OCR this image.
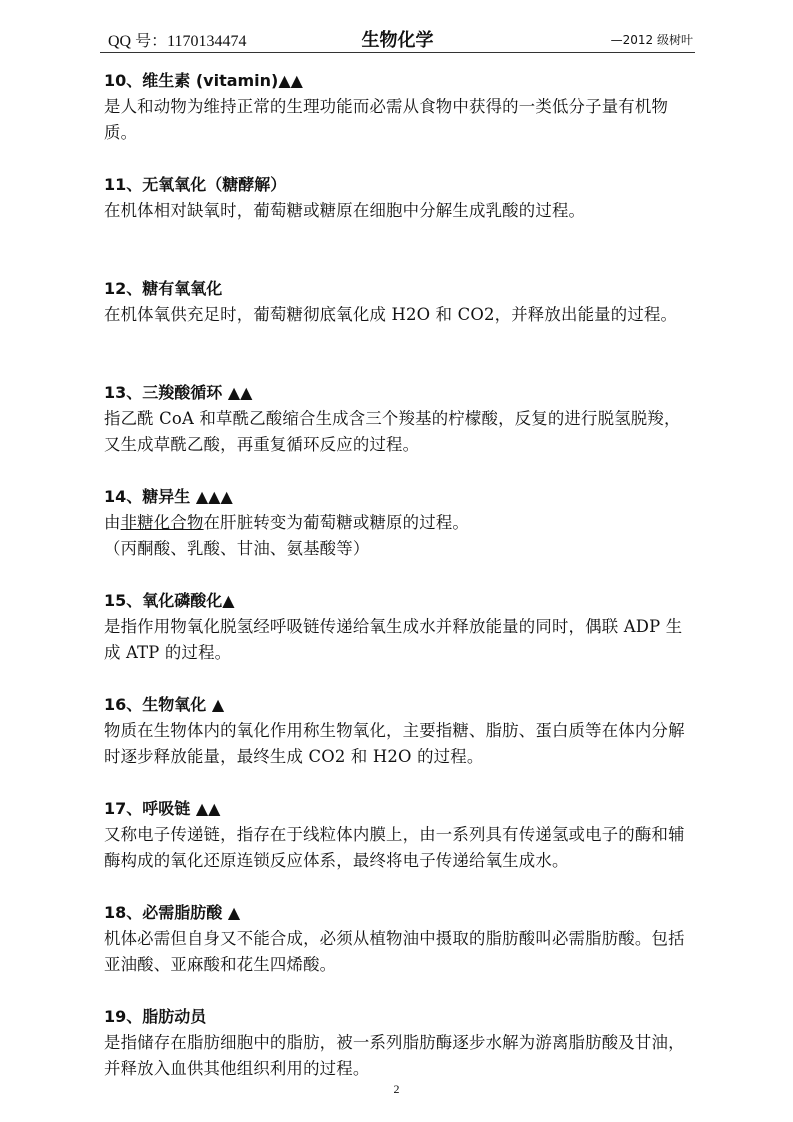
QQ 号：1170134474	生物化学	—2012 级树叶
10、维生素 (vitamin)▲▲

是人和动物为维持正常的生理功能而必需从食物中获得的一类低分子量有机物质。

11、无氧氧化（糖酵解）

在机体相对缺氧时，葡萄糖或糖原在细胞中分解生成乳酸的过程。

12、糖有氧氧化

在机体氧供充足时，葡萄糖彻底氧化成 H2O 和 CO2，并释放出能量的过程。

13、三羧酸循环 ▲▲

指乙酰 CoA 和草酰乙酸缩合生成含三个羧基的柠檬酸，反复的进行脱氢脱羧，又生成草酰乙酸，再重复循环反应的过程。

14、糖异生 ▲▲▲

由非糖化合物在肝脏转变为葡萄糖或糖原的过程。

（丙酮酸、乳酸、甘油、氨基酸等）

15、氧化磷酸化▲

是指作用物氧化脱氢经呼吸链传递给氧生成水并释放能量的同时，偶联 ADP 生成 ATP 的过程。

16、生物氧化 ▲

物质在生物体内的氧化作用称生物氧化，主要指糖、脂肪、蛋白质等在体内分解时逐步释放能量，最终生成 CO2 和 H2O 的过程。

17、呼吸链 ▲▲

又称电子传递链，指存在于线粒体内膜上，由一系列具有传递氢或电子的酶和辅酶构成的氧化还原连锁反应体系，最终将电子传递给氧生成水。

18、必需脂肪酸 ▲

机体必需但自身又不能合成，必须从植物油中摄取的脂肪酸叫必需脂肪酸。包括亚油酸、亚麻酸和花生四烯酸。

19、脂肪动员

是指储存在脂肪细胞中的脂肪，被一系列脂肪酶逐步水解为游离脂肪酸及甘油，并释放入血供其他组织利用的过程。

2
